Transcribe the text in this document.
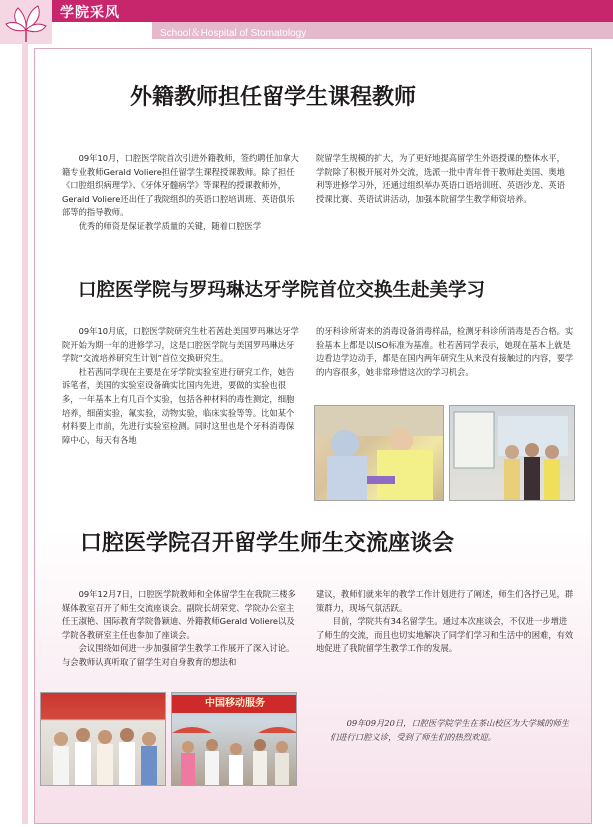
学院采风
School＆Hospital of Stomatology
外籍教师担任留学生课程教师

09年10月，口腔医学院首次引进外籍教师，签约聘任加拿大籍专业教师Gerald Voliere担任留学生课程授课教师。除了担任《口腔组织病理学》、《牙体牙髓病学》等课程的授课教师外，Gerald Voliere还出任了我院组织的英语口腔培训班、英语俱乐部等的指导教师。

优秀的师资是保证教学质量的关键，随着口腔医学

院留学生规模的扩大，为了更好地提高留学生外语授课的整体水平，学院除了积极开展对外交流，选派一批中青年骨干教师赴美国、奥地利等进修学习外，还通过组织举办英语口语培训班、英语沙龙、英语授课比赛、英语试讲活动，加强本院留学生教学师资培养。

口腔医学院与罗玛琳达牙学院首位交换生赴美学习

09年10月底，口腔医学院研究生杜若茜赴美国罗玛琳达牙学院开始为期一年的进修学习，这是口腔医学院与美国罗玛琳达牙学院“交流培养研究生计划”首位交换研究生。

杜若茜同学现在主要是在牙学院实验室进行研究工作，她告诉笔者，美国的实验室设备确实比国内先进，要做的实验也很多，一年基本上有几百个实验，包括各种材料的毒性测定，细胞培养，细菌实验，氟实验，动物实验，临床实验等等。比如某个材料要上市前，先进行实验室检测。同时这里也是个牙科消毒保障中心，每天有各地

的牙科诊所寄来的消毒设备消毒样品，检测牙科诊所消毒是否合格。实验基本上都是以ISO标准为基准。杜若茜同学表示，她现在基本上就是边看边学边动手，都是在国内两年研究生从来没有接触过的内容，要学的内容很多，她非常珍惜这次的学习机会。

口腔医学院召开留学生师生交流座谈会

09年12月7日，口腔医学院教师和全体留学生在我院三楼多媒体教室召开了师生交流座谈会。副院长胡荣党、学院办公室主任王淑艳、国际教育学院鲁颖迪、外籍教师Gerald Voliere以及学院各教研室主任也参加了座谈会。

会议围绕如何进一步加强留学生教学工作展开了深入讨论。与会教师认真听取了留学生对自身教育的想法和

建议，教师们就来年的教学工作计划进行了阐述，师生们各抒己见，群策群力，现场气氛活跃。

目前，学院共有34名留学生。通过本次座谈会，不仅进一步增进了师生的交流，而且也切实地解决了同学们学习和生活中的困难，有效地促进了我院留学生教学工作的发展。

中国移动服务

09年09月20日，口腔医学院学生在茶山校区为大学城的师生们进行口腔义诊，受到了师生们的热烈欢迎。
